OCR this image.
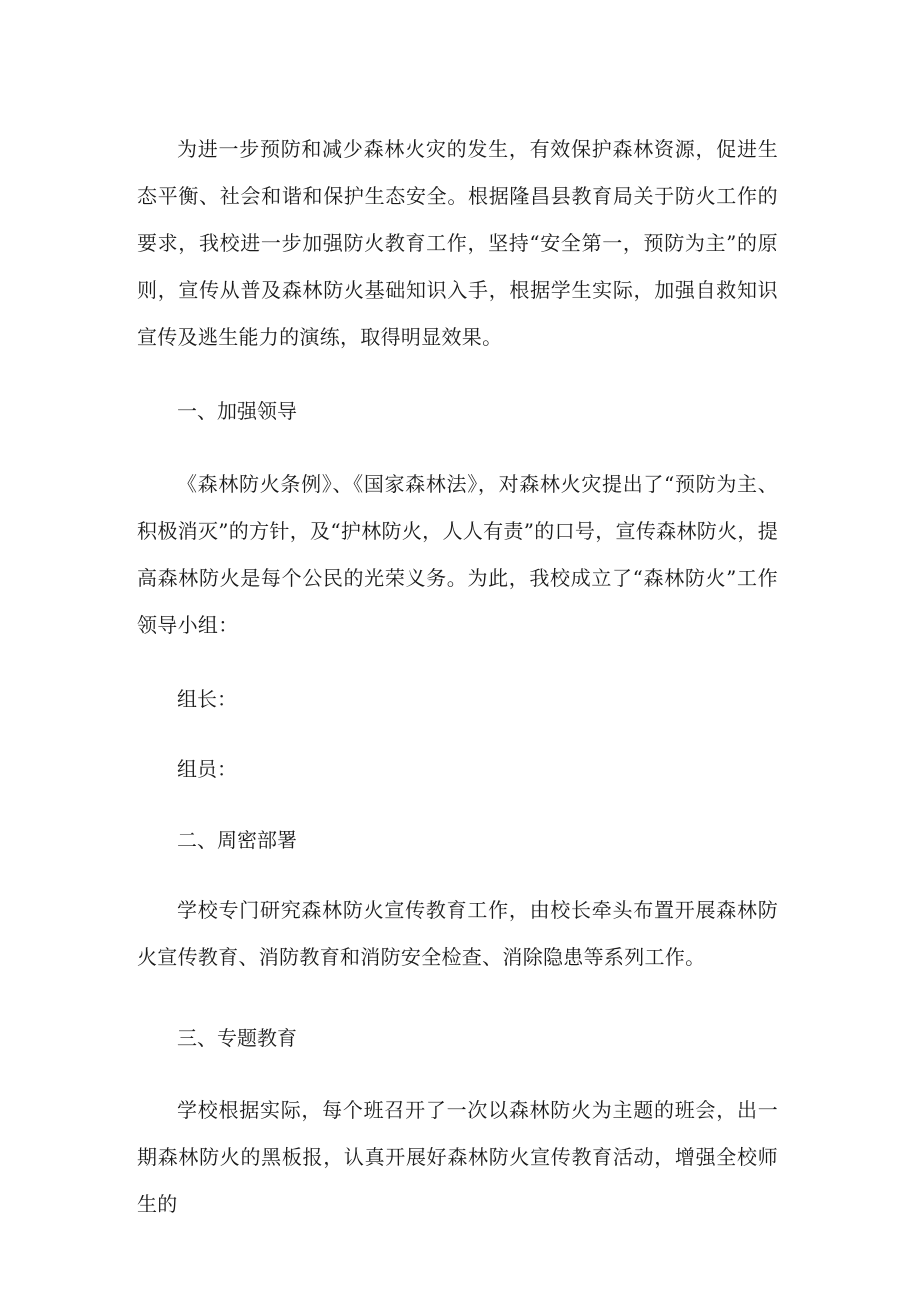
为进一步预防和减少森林火灾的发生，有效保护森林资源，促进生态平衡、社会和谐和保护生态安全。根据隆昌县教育局关于防火工作的要求，我校进一步加强防火教育工作，坚持“安全第一，预防为主”的原则，宣传从普及森林防火基础知识入手，根据学生实际，加强自救知识宣传及逃生能力的演练，取得明显效果。

一、加强领导

《森林防火条例》、《国家森林法》，对森林火灾提出了“预防为主、积极消灭”的方针，及“护林防火，人人有责”的口号，宣传森林防火，提高森林防火是每个公民的光荣义务。为此，我校成立了“森林防火”工作领导小组：

组长：

组员：

二、周密部署

学校专门研究森林防火宣传教育工作，由校长牵头布置开展森林防火宣传教育、消防教育和消防安全检查、消除隐患等系列工作。

三、专题教育

学校根据实际，每个班召开了一次以森林防火为主题的班会，出一期森林防火的黑板报，认真开展好森林防火宣传教育活动，增强全校师生的
